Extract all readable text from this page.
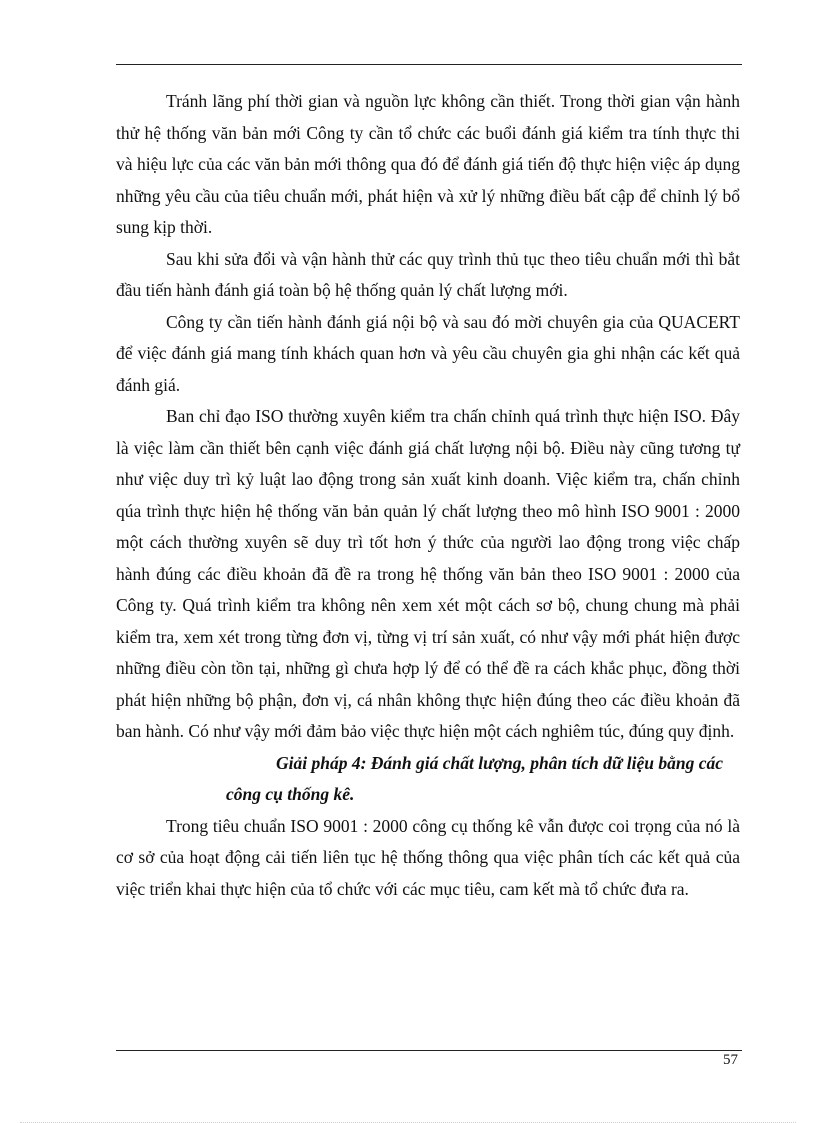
Tránh lãng phí thời gian và nguồn lực không cần thiết. Trong thời gian vận hành thử hệ thống văn bản mới Công ty cần tổ chức các buổi đánh giá kiểm tra tính thực thi và hiệu lực của các văn bản mới thông qua đó để đánh giá tiến độ thực hiện việc áp dụng những yêu cầu của tiêu chuẩn mới, phát hiện và xử lý những điều bất cập để chỉnh lý bổ sung kịp thời.

Sau khi sửa đổi và vận hành thử các quy trình thủ tục theo tiêu chuẩn mới thì bắt đầu tiến hành đánh giá toàn bộ hệ thống quản lý chất lượng mới.

Công ty cần tiến hành đánh giá nội bộ và sau đó mời chuyên gia của QUACERT để việc đánh giá mang tính khách quan hơn và yêu cầu chuyên gia ghi nhận các kết quả đánh giá.

Ban chỉ đạo ISO thường xuyên kiểm tra chấn chỉnh quá trình thực hiện ISO. Đây là việc làm cần thiết bên cạnh việc đánh giá chất lượng nội bộ. Điều này cũng tương tự như việc duy trì kỷ luật lao động trong sản xuất kinh doanh. Việc kiểm tra, chấn chỉnh qúa trình thực hiện hệ thống văn bản quản lý chất lượng theo mô hình ISO 9001 : 2000 một cách thường xuyên sẽ duy trì tốt hơn ý thức của người lao động trong việc chấp hành đúng các điều khoản đã đề ra trong hệ thống văn bản theo ISO 9001 : 2000 của Công ty. Quá trình kiểm tra không nên xem xét một cách sơ bộ, chung chung mà phải kiểm tra, xem xét trong từng đơn vị, từng vị trí sản xuất, có như vậy mới phát hiện được những điều còn tồn tại, những gì chưa hợp lý để có thể đề ra cách khắc phục, đồng thời phát hiện những bộ phận, đơn vị, cá nhân không thực hiện đúng theo các điều khoản đã ban hành. Có như vậy mới đảm bảo việc thực hiện một cách nghiêm túc, đúng quy định.

Giải pháp 4: Đánh giá chất lượng, phân tích dữ liệu bằng các công cụ thống kê.

Trong tiêu chuẩn ISO 9001 : 2000 công cụ thống kê vẫn được coi trọng của nó là cơ sở của hoạt động cải tiến liên tục hệ thống thông qua việc phân tích các kết quả của việc triển khai thực hiện của tổ chức với các mục tiêu, cam kết mà tổ chức đưa ra.

57
